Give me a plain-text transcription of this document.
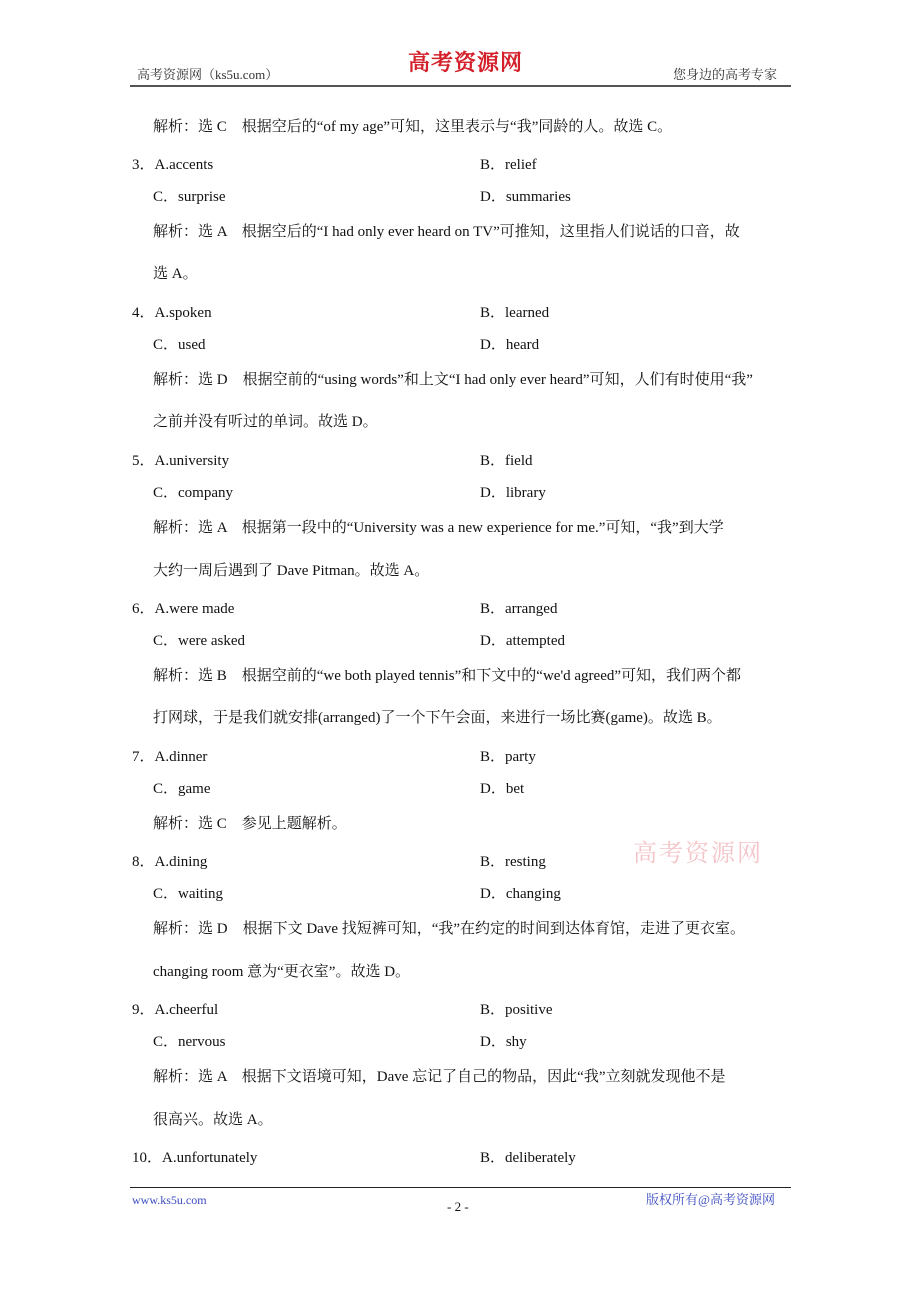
高考资源网（ks5u.com）	高考资源网	您身边的高考专家
解析：选 C　根据空后的“of my age”可知，这里表示与“我”同龄的人。故选 C。
3．A.accents	B．relief
C．surprise	D．summaries
解析：选 A　根据空后的“I had only ever heard on TV”可推知，这里指人们说话的口音，故
选 A。
4．A.spoken	B．learned
C．used	D．heard
解析：选 D　根据空前的“using words”和上文“I had only ever heard”可知，人们有时使用“我”
之前并没有听过的单词。故选 D。
5．A.university	B．field
C．company	D．library
解析：选 A　根据第一段中的“University was a new experience for me.”可知，“我”到大学
大约一周后遇到了 Dave Pitman。故选 A。
6．A.were made	B．arranged
C．were asked	D．attempted
解析：选 B　根据空前的“we both played tennis”和下文中的“we'd agreed”可知，我们两个都
打网球，于是我们就安排(arranged)了一个下午会面，来进行一场比赛(game)。故选 B。
7．A.dinner	B．party
C．game	D．bet
解析：选 C　参见上题解析。
8．A.dining	B．resting	高考资源网
C．waiting	D．changing
解析：选 D　根据下文 Dave 找短裤可知，“我”在约定的时间到达体育馆，走进了更衣室。
changing room 意为“更衣室”。故选 D。
9．A.cheerful	B．positive
C．nervous	D．shy
解析：选 A　根据下文语境可知，Dave 忘记了自己的物品，因此“我”立刻就发现他不是
很高兴。故选 A。
10．A.unfortunately	B．deliberately
www.ks5u.com	- 2 -	版权所有@高考资源网
